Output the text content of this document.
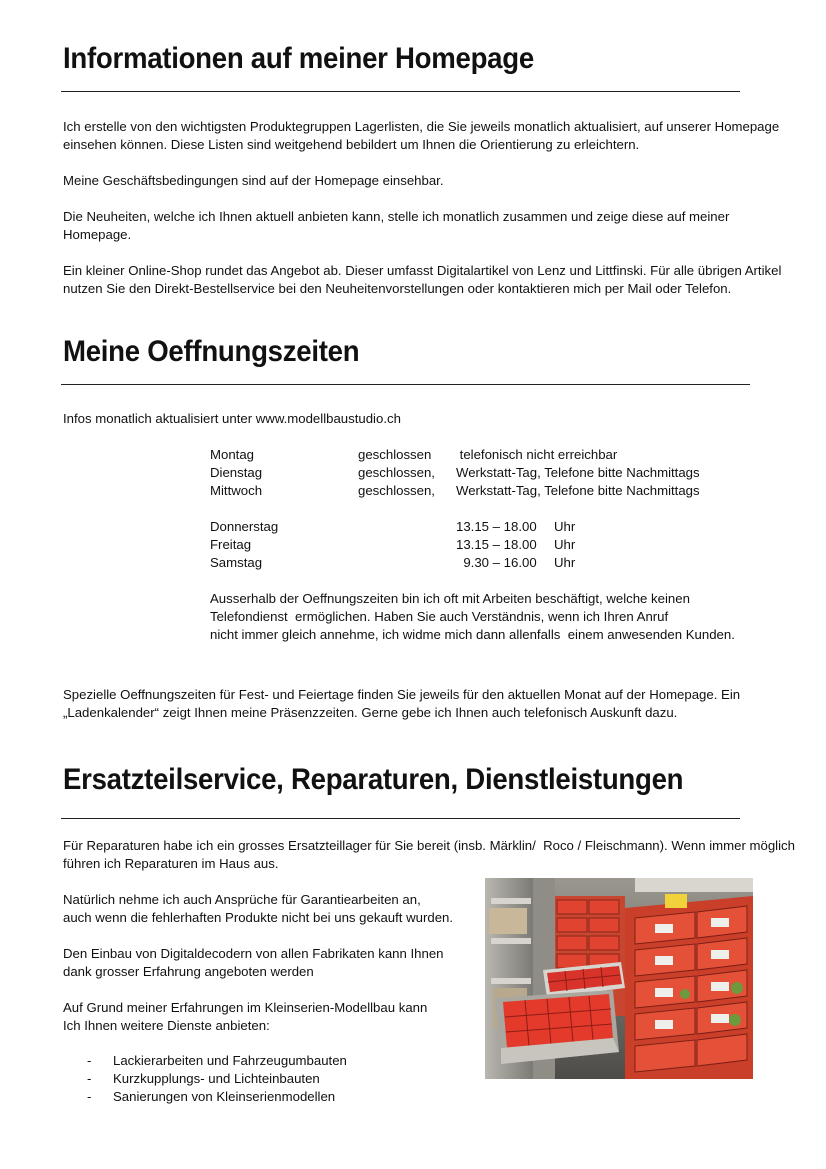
Informationen auf meiner Homepage

Ich erstelle von den wichtigsten Produktegruppen Lagerlisten, die Sie jeweils monatlich aktualisiert, auf unserer Homepage

einsehen können. Diese Listen sind weitgehend bebildert um Ihnen die Orientierung zu erleichtern.

Meine Geschäftsbedingungen sind auf der Homepage einsehbar.

Die Neuheiten, welche ich Ihnen aktuell anbieten kann, stelle ich monatlich zusammen und zeige diese auf meiner

Homepage.

Ein kleiner Online-Shop rundet das Angebot ab. Dieser umfasst Digitalartikel von Lenz und Littfinski. Für alle übrigen Artikel

nutzen Sie den Direkt-Bestellservice bei den Neuheitenvorstellungen oder kontaktieren mich per Mail oder Telefon.

Meine Oeffnungszeiten

Infos monatlich aktualisiert unter www.modellbaustudio.ch

Montag	geschlossen telefonisch nicht erreichbar
Dienstag	geschlossen, Werkstatt-Tag, Telefone bitte Nachmittags
Mittwoch	geschlossen, Werkstatt-Tag, Telefone bitte Nachmittags
Donnerstag	13.15 – 18.00 Uhr
Freitag	13.15 – 18.00 Uhr
Samstag	9.30 – 16.00 Uhr
Ausserhalb der Oeffnungszeiten bin ich oft mit Arbeiten beschäftigt, welche keinen
Telefondienst  ermöglichen. Haben Sie auch Verständnis, wenn ich Ihren Anruf
nicht immer gleich annehme, ich widme mich dann allenfalls  einem anwesenden Kunden.

Spezielle Oeffnungszeiten für Fest- und Feiertage finden Sie jeweils für den aktuellen Monat auf der Homepage. Ein

„Ladenkalender“ zeigt Ihnen meine Präsenzzeiten. Gerne gebe ich Ihnen auch telefonisch Auskunft dazu.

Ersatzteilservice, Reparaturen, Dienstleistungen

Für Reparaturen habe ich ein grosses Ersatzteillager für Sie bereit (insb. Märklin/  Roco / Fleischmann). Wenn immer möglich

führen ich Reparaturen im Haus aus.

Natürlich nehme ich auch Ansprüche für Garantiearbeiten an,

auch wenn die fehlerhaften Produkte nicht bei uns gekauft wurden.

Den Einbau von Digitaldecodern von allen Fabrikaten kann Ihnen

dank grosser Erfahrung angeboten werden

Auf Grund meiner Erfahrungen im Kleinserien-Modellbau kann

Ich Ihnen weitere Dienste anbieten:

- Lackierarbeiten und Fahrzeugumbauten
- Kurzkupplungs- und Lichteinbauten
- Sanierungen von Kleinserienmodellen
